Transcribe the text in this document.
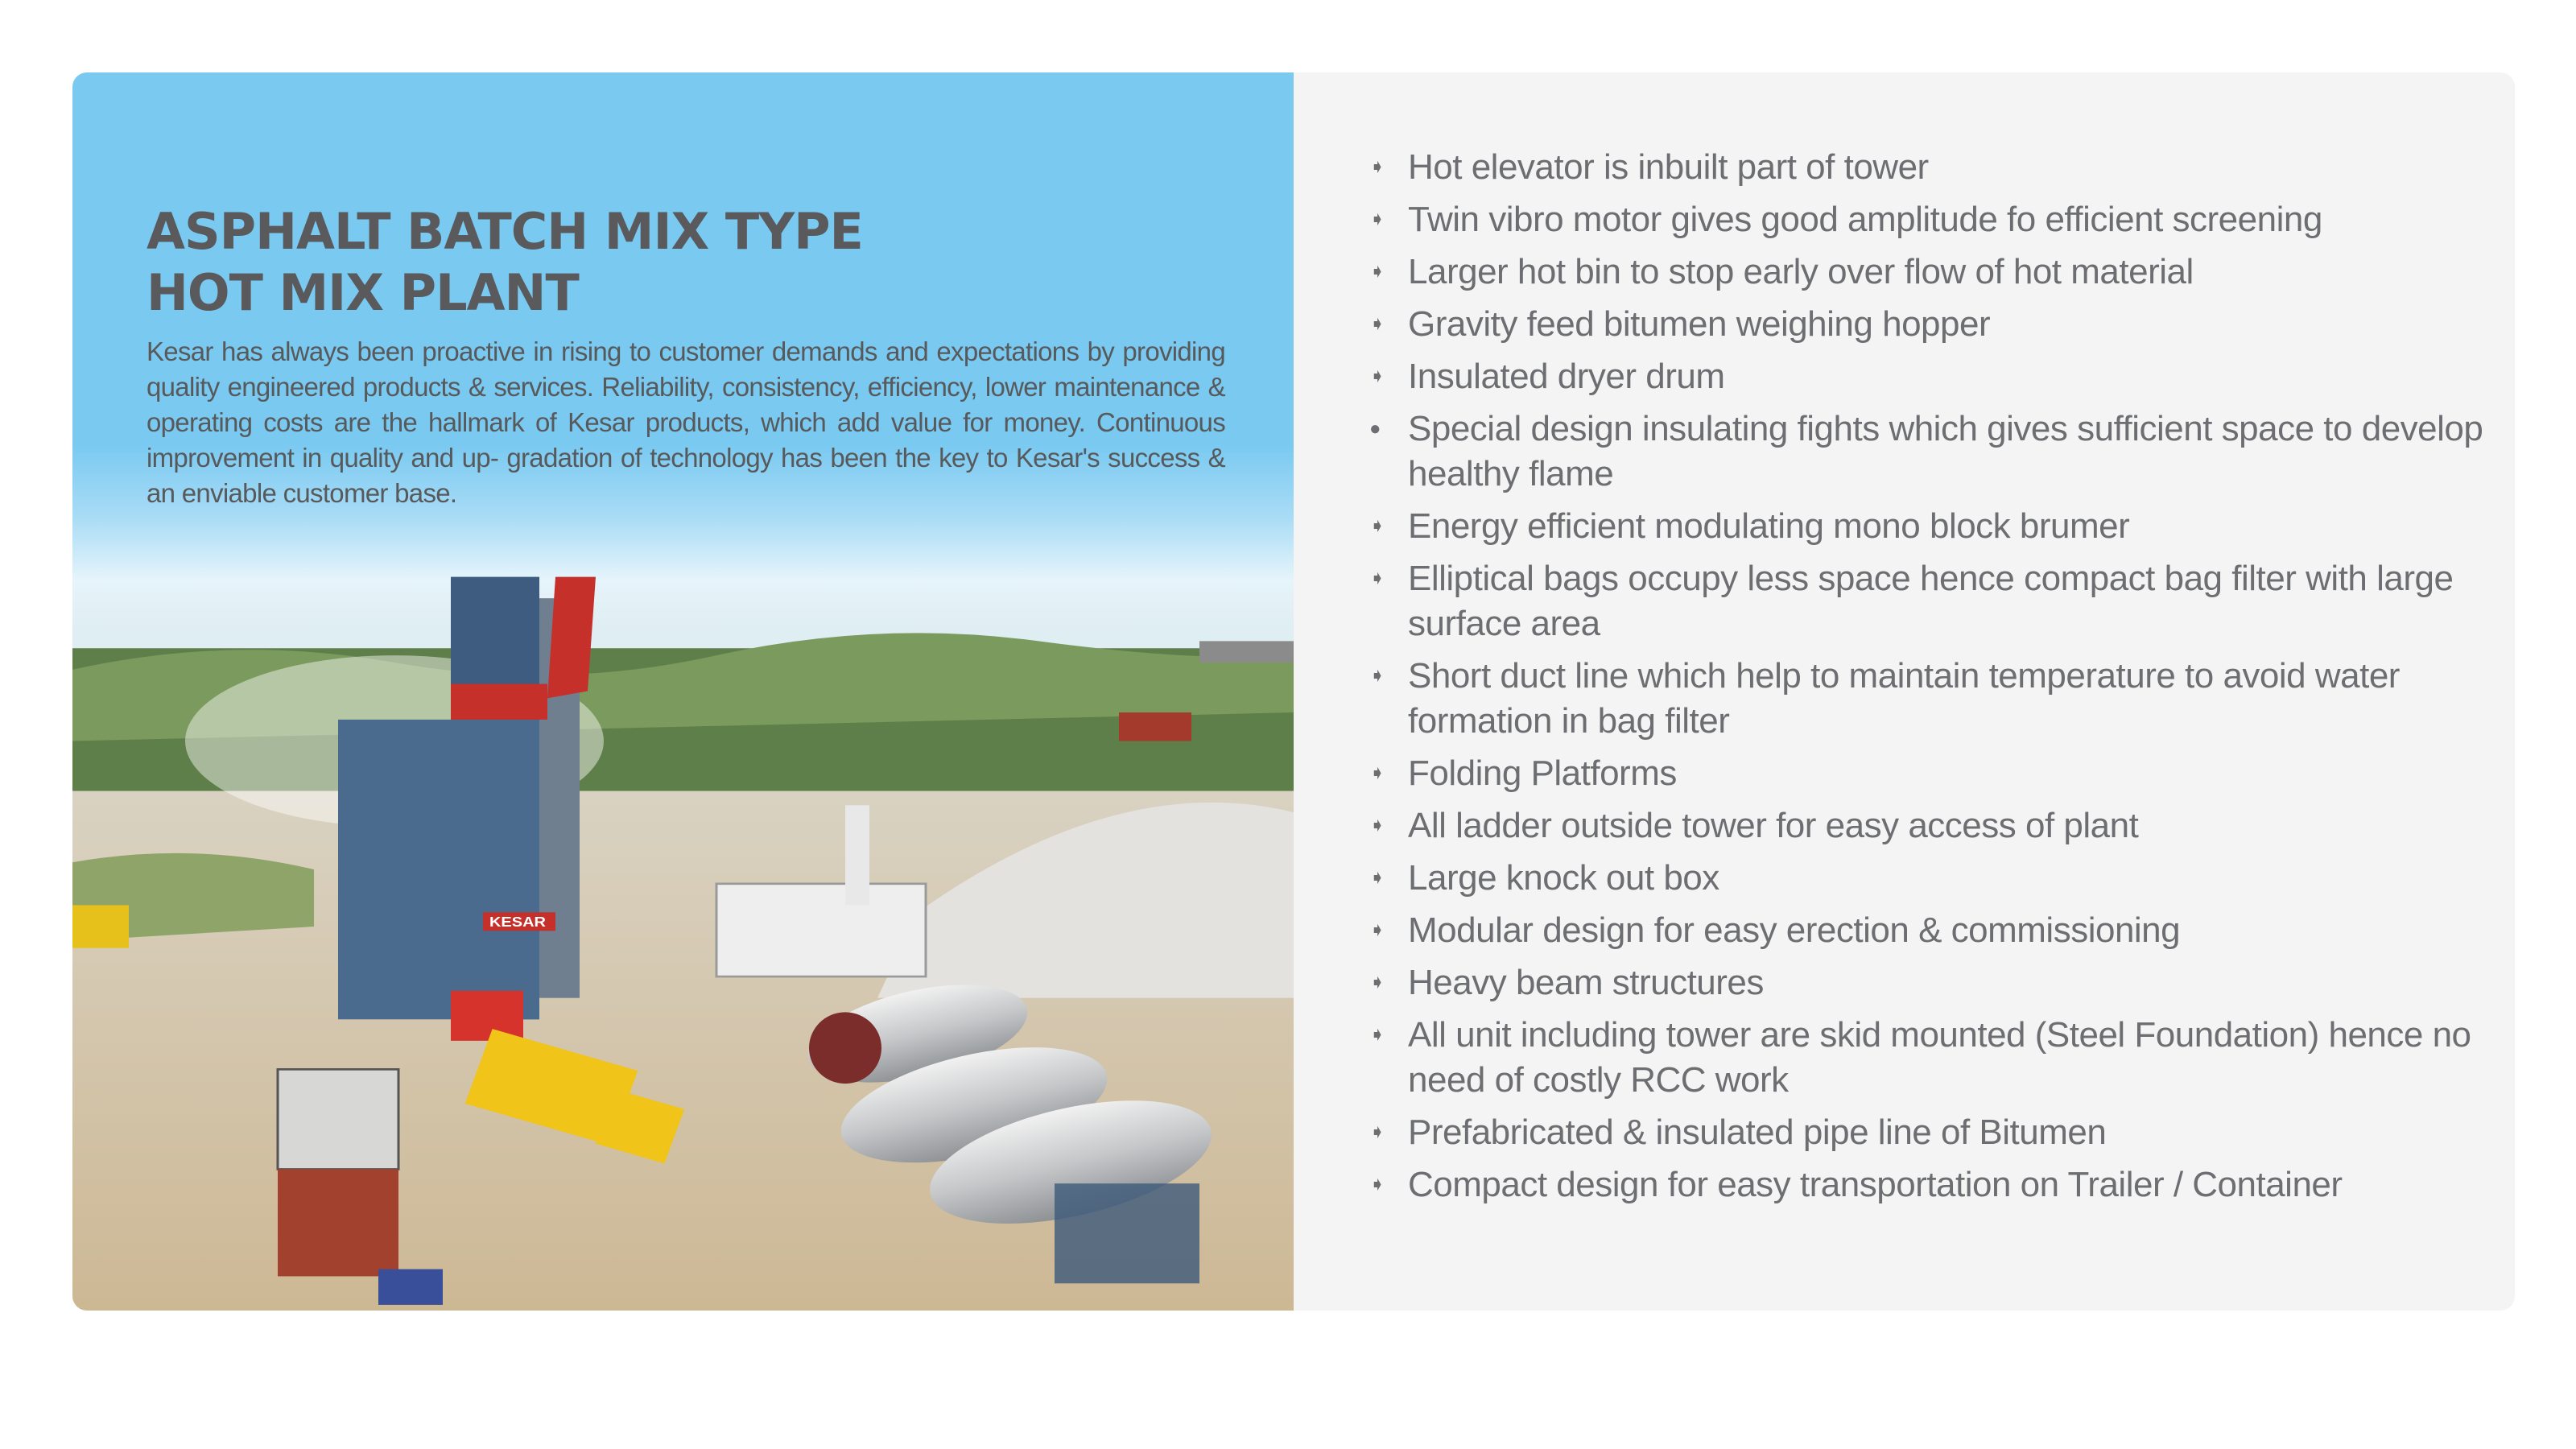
ASPHALT BATCH MIX TYPE
HOT MIX PLANT

Kesar has always been proactive in rising to customer demands and expectations by providing quality engineered products & services. Reliability, consistency, efficiency, lower maintenance & operating costs are the hallmark of Kesar products, which add value for money. Continuous improvement in quality and up- gradation of technology has been the key to Kesar's success & an enviable customer base.

KESAR
➧ Hot elevator is inbuilt part of tower
➧ Twin vibro motor gives good amplitude fo efficient screening
➧ Larger hot bin to stop early over flow of hot material
➧ Gravity feed bitumen weighing hopper
➧ Insulated dryer drum
● Special design insulating fights which gives sufficient space to develop healthy flame
➧ Energy efficient modulating mono block brumer
➧ Elliptical bags occupy less space hence compact bag filter with large surface area
➧ Short duct line which help to maintain temperature to avoid water formation in bag filter
➧ Folding Platforms
➧ All ladder outside tower for easy access of plant
➧ Large knock out box
➧ Modular design for easy erection & commissioning
➧ Heavy beam structures
➧ All unit including tower are skid mounted (Steel Foundation) hence no need of costly RCC work
➧ Prefabricated & insulated pipe line of Bitumen
➧ Compact design for easy transportation on Trailer / Container
